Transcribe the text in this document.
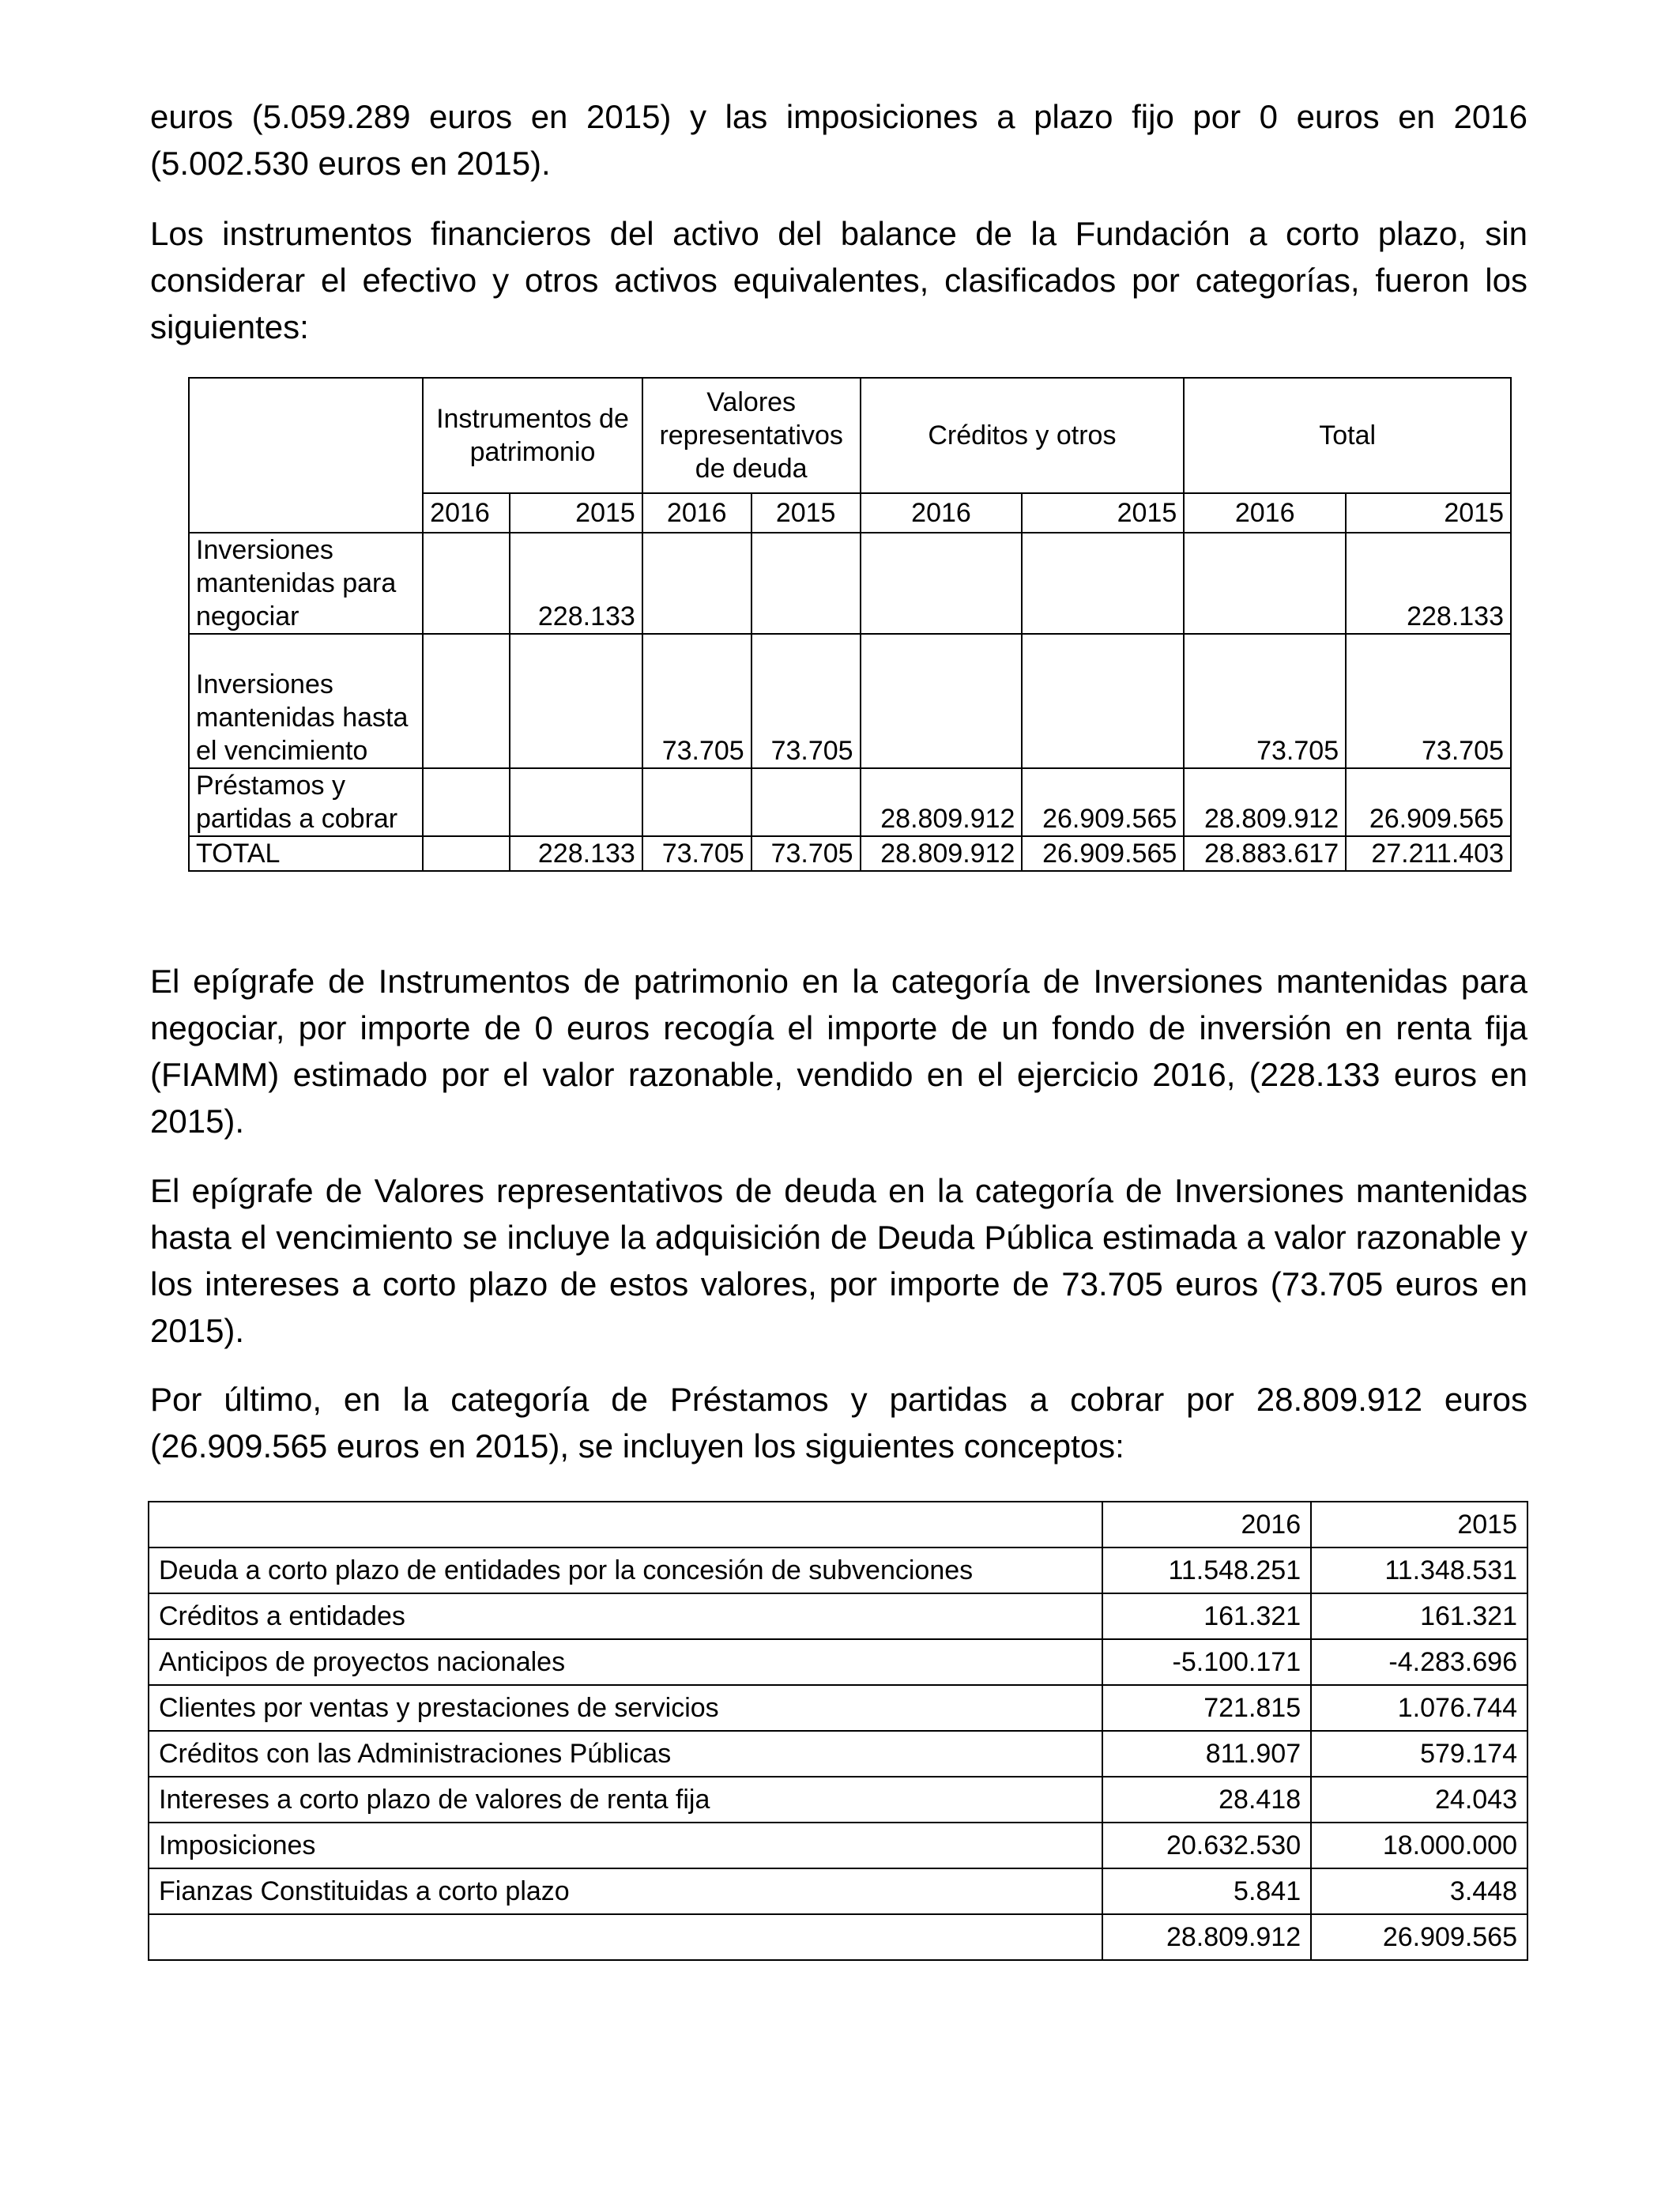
euros (5.059.289 euros en 2015) y las imposiciones a plazo fijo por 0 euros en 2016 (5.002.530 euros en 2015).

Los instrumentos financieros del activo del balance de la Fundación a corto plazo, sin considerar el efectivo y otros activos equivalentes, clasificados por categorías, fueron los siguientes:

	Instrumentos de patrimonio		Valores representativos de deuda		Créditos y otros		Total	
	2016	2015	2016	2015	2016	2015	2016	2015
Inversiones mantenidas para negociar		228.133						228.133
Inversiones mantenidas hasta el vencimiento			73.705	73.705			73.705	73.705
Préstamos y partidas a cobrar					28.809.912	26.909.565	28.809.912	26.909.565
TOTAL		228.133	73.705	73.705	28.809.912	26.909.565	28.883.617	27.211.403

El epígrafe de Instrumentos de patrimonio en la categoría de Inversiones mantenidas para negociar, por importe de 0 euros recogía el importe de un fondo de inversión en renta fija (FIAMM) estimado por el valor razonable, vendido en el ejercicio 2016, (228.133 euros en 2015).

El epígrafe de Valores representativos de deuda en la categoría de Inversiones mantenidas hasta el vencimiento se incluye la adquisición de Deuda Pública estimada a valor razonable y los intereses a corto plazo de estos valores, por importe de 73.705 euros (73.705 euros en 2015).

Por último, en la categoría de Préstamos y partidas a cobrar por 28.809.912 euros (26.909.565 euros en 2015), se incluyen los siguientes conceptos:

	2016	2015
Deuda a corto plazo de entidades por la concesión de subvenciones	11.548.251	11.348.531
Créditos a entidades	161.321	161.321
Anticipos de proyectos nacionales	-5.100.171	-4.283.696
Clientes por ventas y prestaciones de servicios	721.815	1.076.744
Créditos con las Administraciones Públicas	811.907	579.174
Intereses a corto plazo de valores de renta fija	28.418	24.043
Imposiciones	20.632.530	18.000.000
Fianzas Constituidas a corto plazo	5.841	3.448
	28.809.912	26.909.565
